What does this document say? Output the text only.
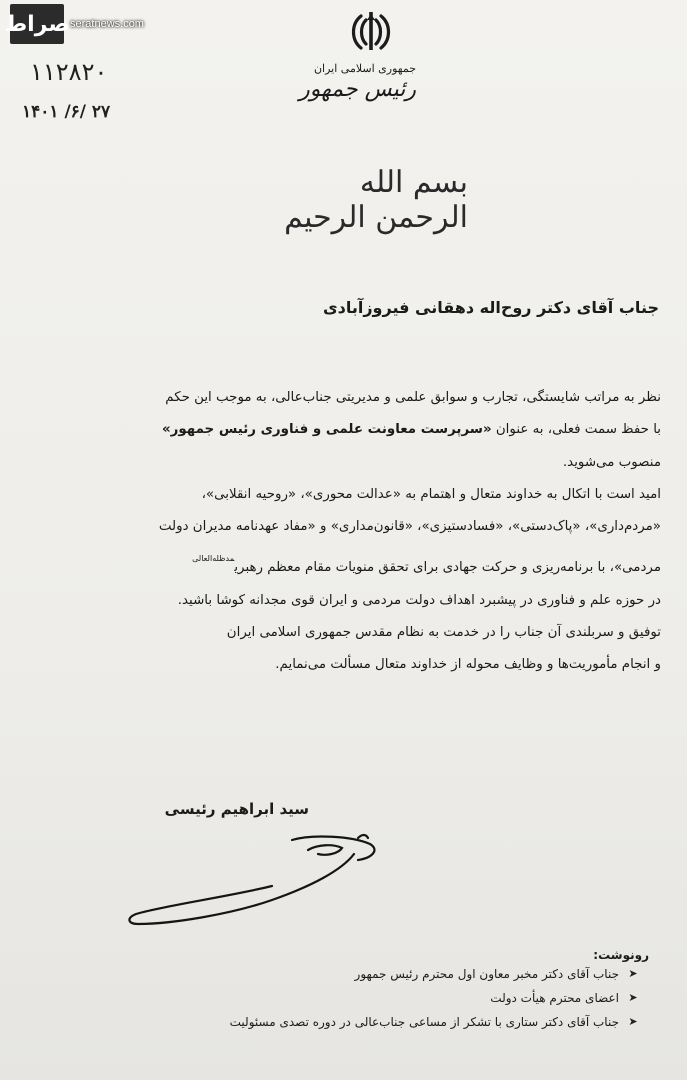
صراط seratnews.com
۱۱۲۸۲۰
۱۴۰۱ /۶/ ۲۷
جمهوری اسلامی ایران
رئیس جمهور
بسم الله الرحمن الرحیم
جناب آقای دکتر روح‌اله دهقانی فیروزآبادی

نظر به مراتب شایستگی، تجارب و سوابق علمی و مدیریتی جناب‌عالی، به موجب این حکم

با حفظ سمت فعلی، به عنوان «سرپرست معاونت علمی و فناوری رئیس جمهور»

منصوب می‌شوید.

امید است با اتکال به خداوند متعال و اهتمام به «عدالت محوری»، «روحیه انقلابی»،

«مردم‌داری»، «پاک‌دستی»، «فسادستیزی»، «قانون‌مداری» و «مفاد عهدنامه مدیران دولت

مردمی»، با برنامه‌ریزی و حرکت جهادی برای تحقق منویات مقام معظم رهبری$^{مدظله‌العالی}$

در حوزه علم و فناوری در پیشبرد اهداف دولت مردمی و ایران قوی مجدانه کوشا باشید.

توفیق و سربلندی آن جناب را در خدمت به نظام مقدس جمهوری اسلامی ایران

و انجام مأموریت‌ها و وظایف محوله از خداوند متعال مسألت می‌نمایم.

سید ابراهیم رئیسی
رونوشت:
➤
جناب آقای دکتر مخبر معاون اول محترم رئیس جمهور
➤
اعضای محترم هیأت دولت
➤
جناب آقای دکتر ستاری با تشکر از مساعی جناب‌عالی در دوره تصدی مسئولیت
